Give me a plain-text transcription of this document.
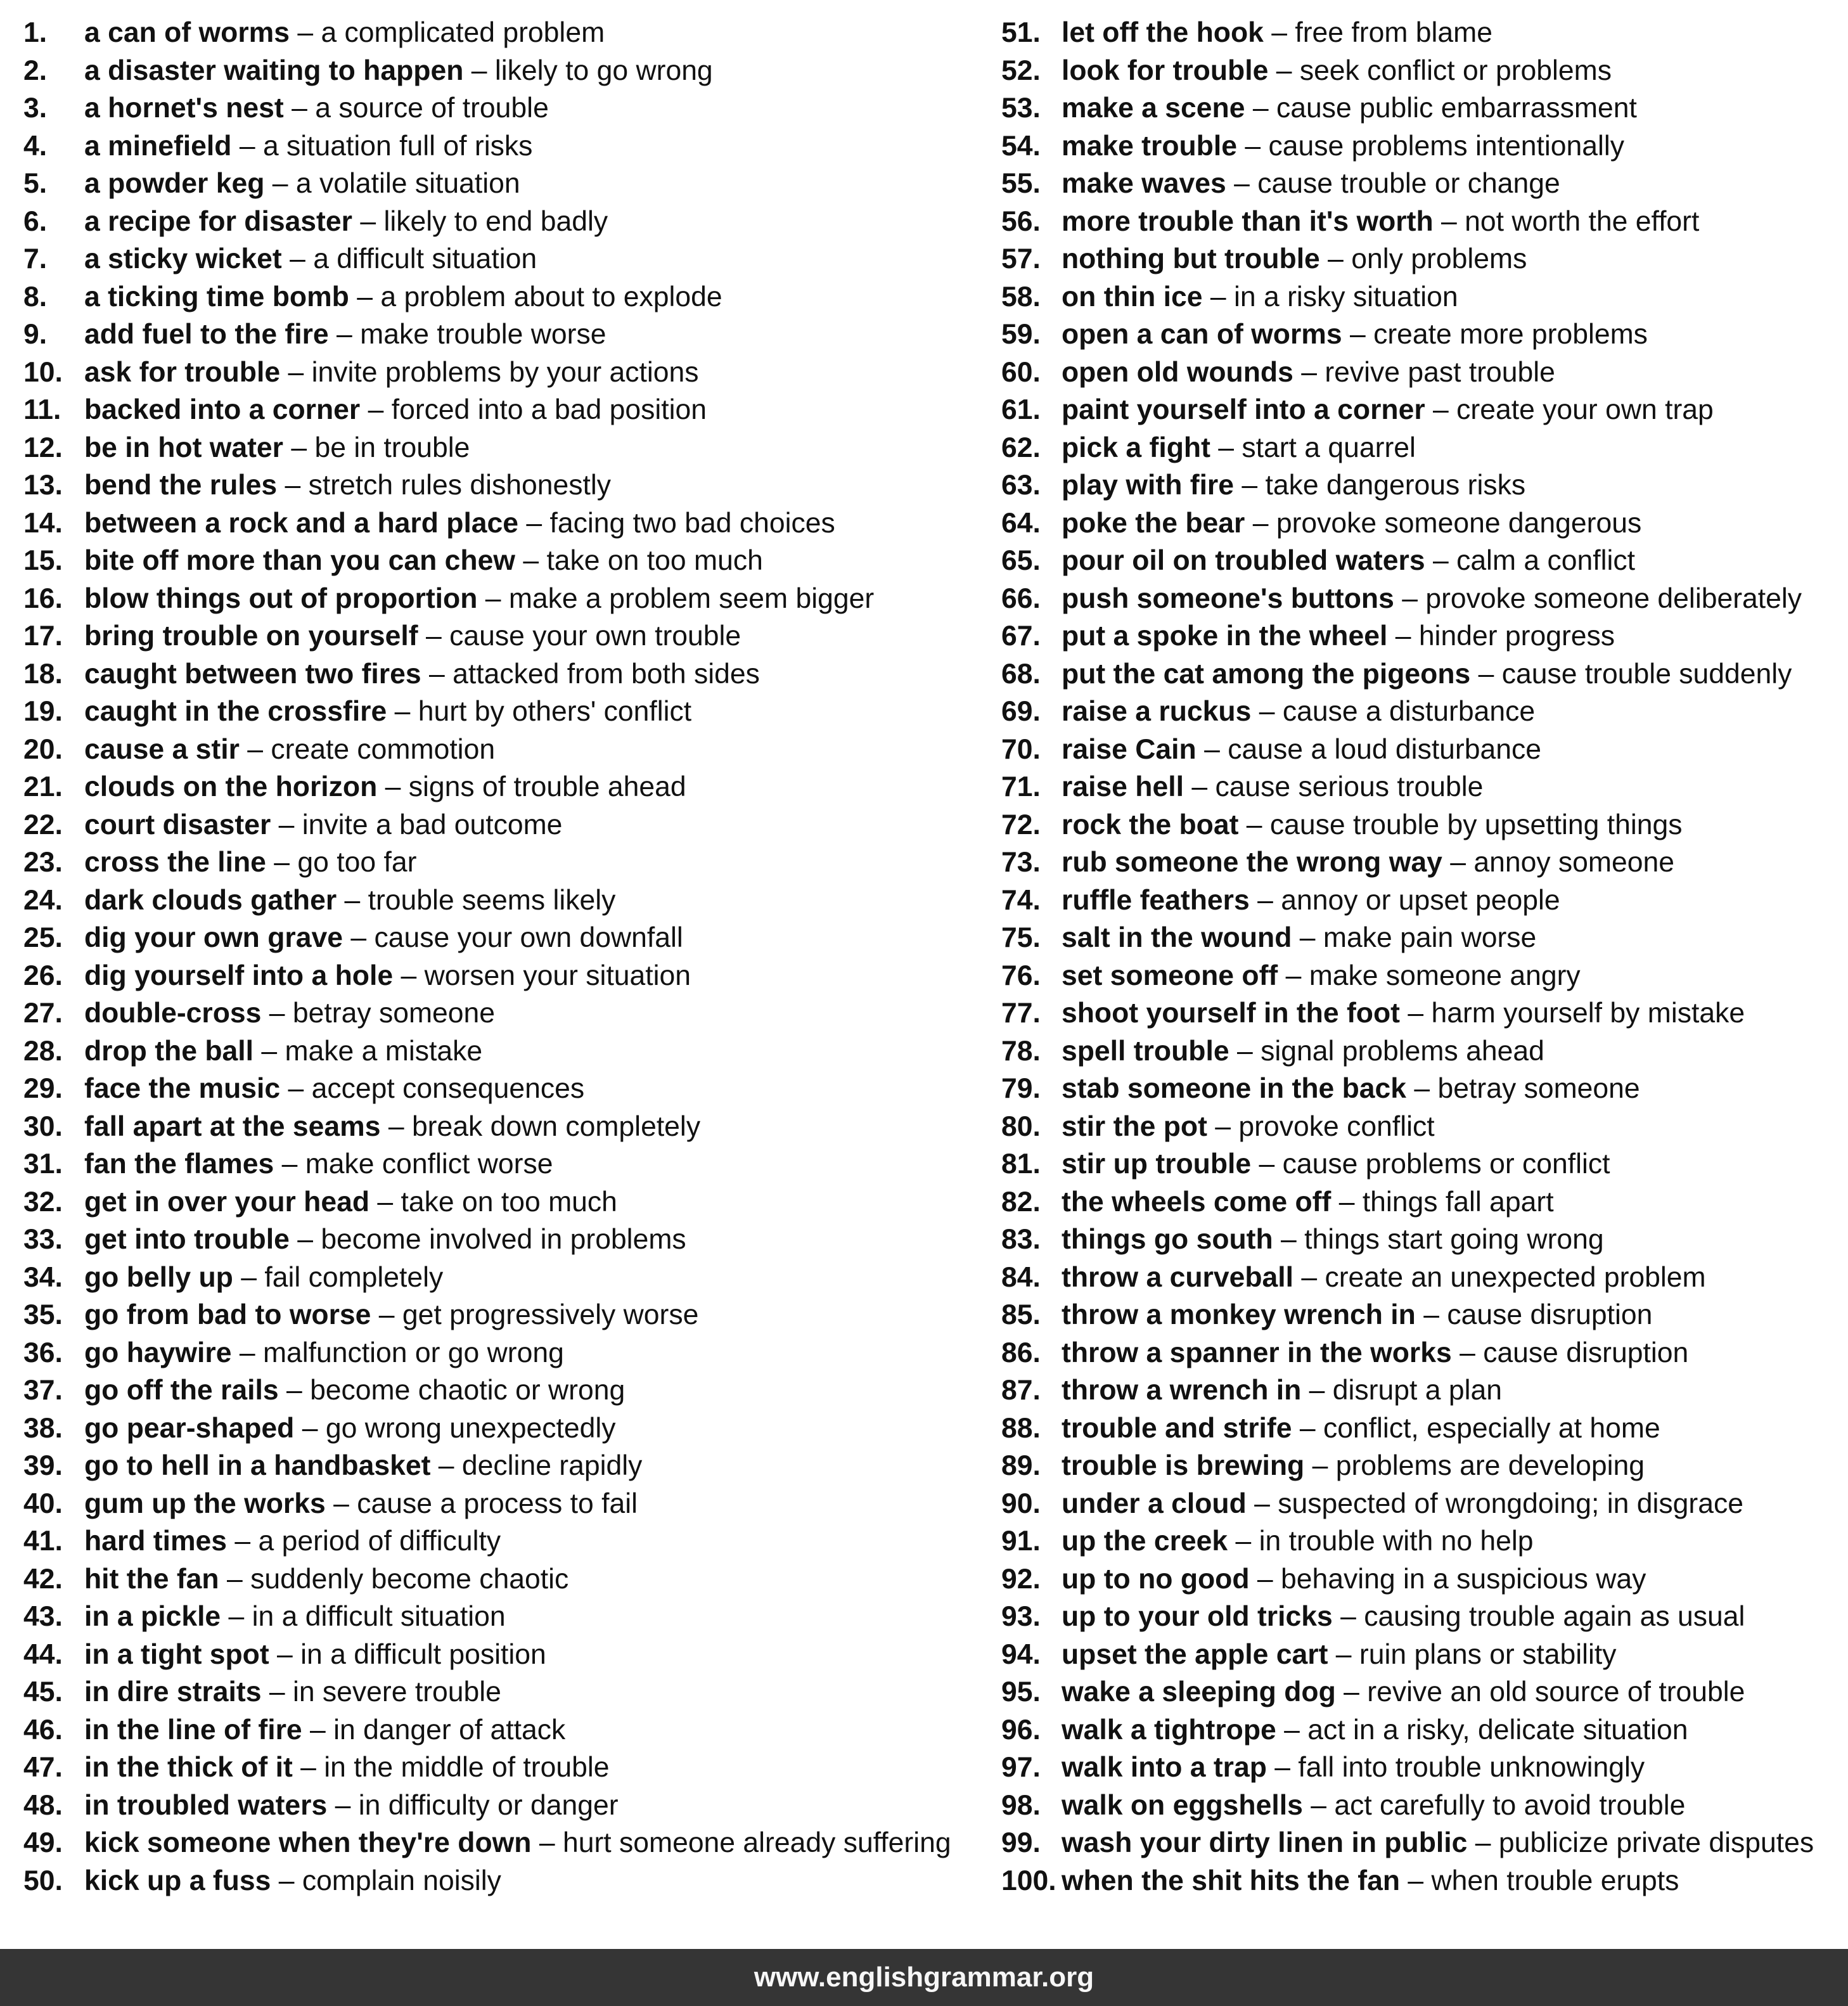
1. a can of worms – a complicated problem
2. a disaster waiting to happen – likely to go wrong
3. a hornet's nest – a source of trouble
4. a minefield – a situation full of risks
5. a powder keg – a volatile situation
6. a recipe for disaster – likely to end badly
7. a sticky wicket – a difficult situation
8. a ticking time bomb – a problem about to explode
9. add fuel to the fire – make trouble worse
10. ask for trouble – invite problems by your actions
11. backed into a corner – forced into a bad position
12. be in hot water – be in trouble
13. bend the rules – stretch rules dishonestly
14. between a rock and a hard place – facing two bad choices
15. bite off more than you can chew – take on too much
16. blow things out of proportion – make a problem seem bigger
17. bring trouble on yourself – cause your own trouble
18. caught between two fires – attacked from both sides
19. caught in the crossfire – hurt by others' conflict
20. cause a stir – create commotion
21. clouds on the horizon – signs of trouble ahead
22. court disaster – invite a bad outcome
23. cross the line – go too far
24. dark clouds gather – trouble seems likely
25. dig your own grave – cause your own downfall
26. dig yourself into a hole – worsen your situation
27. double-cross – betray someone
28. drop the ball – make a mistake
29. face the music – accept consequences
30. fall apart at the seams – break down completely
31. fan the flames – make conflict worse
32. get in over your head – take on too much
33. get into trouble – become involved in problems
34. go belly up – fail completely
35. go from bad to worse – get progressively worse
36. go haywire – malfunction or go wrong
37. go off the rails – become chaotic or wrong
38. go pear-shaped – go wrong unexpectedly
39. go to hell in a handbasket – decline rapidly
40. gum up the works – cause a process to fail
41. hard times – a period of difficulty
42. hit the fan – suddenly become chaotic
43. in a pickle – in a difficult situation
44. in a tight spot – in a difficult position
45. in dire straits – in severe trouble
46. in the line of fire – in danger of attack
47. in the thick of it – in the middle of trouble
48. in troubled waters – in difficulty or danger
49. kick someone when they're down – hurt someone already suffering
50. kick up a fuss – complain noisily
51. let off the hook – free from blame
52. look for trouble – seek conflict or problems
53. make a scene – cause public embarrassment
54. make trouble – cause problems intentionally
55. make waves – cause trouble or change
56. more trouble than it's worth – not worth the effort
57. nothing but trouble – only problems
58. on thin ice – in a risky situation
59. open a can of worms – create more problems
60. open old wounds – revive past trouble
61. paint yourself into a corner – create your own trap
62. pick a fight – start a quarrel
63. play with fire – take dangerous risks
64. poke the bear – provoke someone dangerous
65. pour oil on troubled waters – calm a conflict
66. push someone's buttons – provoke someone deliberately
67. put a spoke in the wheel – hinder progress
68. put the cat among the pigeons – cause trouble suddenly
69. raise a ruckus – cause a disturbance
70. raise Cain – cause a loud disturbance
71. raise hell – cause serious trouble
72. rock the boat – cause trouble by upsetting things
73. rub someone the wrong way – annoy someone
74. ruffle feathers – annoy or upset people
75. salt in the wound – make pain worse
76. set someone off – make someone angry
77. shoot yourself in the foot – harm yourself by mistake
78. spell trouble – signal problems ahead
79. stab someone in the back – betray someone
80. stir the pot – provoke conflict
81. stir up trouble – cause problems or conflict
82. the wheels come off – things fall apart
83. things go south – things start going wrong
84. throw a curveball – create an unexpected problem
85. throw a monkey wrench in – cause disruption
86. throw a spanner in the works – cause disruption
87. throw a wrench in – disrupt a plan
88. trouble and strife – conflict, especially at home
89. trouble is brewing – problems are developing
90. under a cloud – suspected of wrongdoing; in disgrace
91. up the creek – in trouble with no help
92. up to no good – behaving in a suspicious way
93. up to your old tricks – causing trouble again as usual
94. upset the apple cart – ruin plans or stability
95. wake a sleeping dog – revive an old source of trouble
96. walk a tightrope – act in a risky, delicate situation
97. walk into a trap – fall into trouble unknowingly
98. walk on eggshells – act carefully to avoid trouble
99. wash your dirty linen in public – publicize private disputes
100. when the shit hits the fan – when trouble erupts
www.englishgrammar.org
